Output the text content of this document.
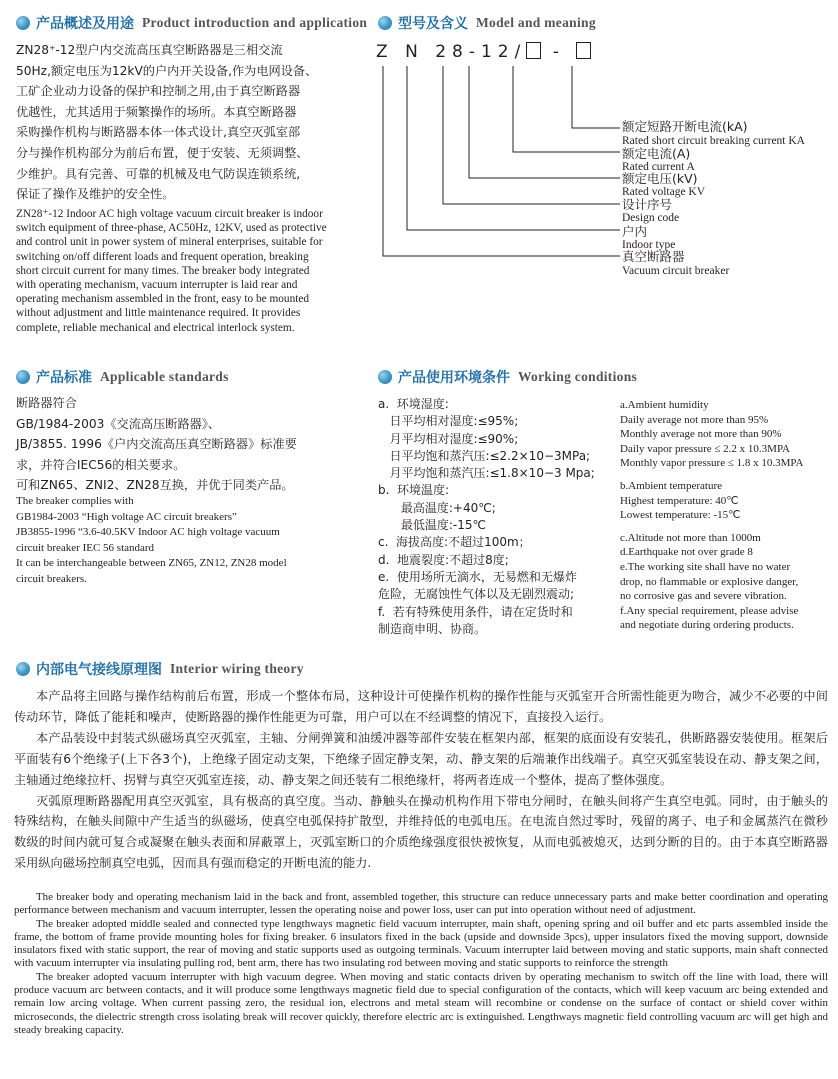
产品概述及用途 Product introduction and application

ZN28⁺-12型户内交流高压真空断路器是三相交流

50Hz,额定电压为12kV的户内开关设备,作为电网设备、

工矿企业动力设备的保护和控制之用,由于真空断路器

优越性，尤其适用于频繁操作的场所。本真空断路器

采购操作机构与断路器本体一体式设计,真空灭弧室部

分与操作机构部分为前后布置，便于安装、无须调整、

少维护。具有完善、可靠的机械及电气防误连锁系统,

保证了操作及维护的安全性。

ZN28⁺-12 Indoor AC high voltage vacuum circuit breaker is indoor

switch equipment of three-phase, AC50Hz, 12KV, used as protective

and control unit in power system of mineral enterprises, suitable for

switching on/off different loads and frequent operation, breaking

short circuit current for many times. The breaker body integrated

with operating mechanism, vacuum interrupter is laid rear and

operating mechanism assembled in the front, easy to be mounted

without adjustment and little maintenance required. It provides

complete, reliable mechanical and electrical interlock system.

型号及含义 Model and meaning
Z N 28-12/ -
额定短路开断电流(kA)
Rated short circuit breaking current KA
额定电流(A)
Rated current A
额定电压(kV)
Rated voltage KV
设计序号
Design code
户内
Indoor type
真空断路器
Vacuum circuit breaker
产品标准 Applicable standards

断路器符合

GB/1984-2003《交流高压断路器》、

JB/3855. 1996《户内交流高压真空断路器》标准要

求，并符合IEC56的相关要求。

可和ZN65、ZNI2、ZN28互换，并优于同类产品。

The breaker complies with

GB1984-2003 “High voltage AC circuit breakers”

JB3855-1996 “3.6-40.5KV Indoor AC high voltage vacuum

circuit breaker IEC 56 standard

It can be interchangeable between ZN65, ZN12, ZN28 model

circuit breakers.

产品使用环境条件 Working conditions
a.  环境湿度:
日平均相对湿度:≤95%;
月平均相对湿度:≤90%;
日平均饱和蒸汽压:≤2.2×10−3MPa;
月平均饱和蒸汽压:≤1.8×10−3 Mpa;
b.  环境温度:
最高温度:+40℃;
最低温度:-15℃
c.  海拔高度:不超过100m；
d.  地震裂度:不超过8度;
e.  使用场所无滴水，无易燃和无爆炸
危险，无腐蚀性气体以及无剧烈震动;
f.  若有特殊使用条件，请在定货时和
制造商申明、协商。

a.Ambient humidity

Daily average not more than 95%

Monthly average not more than 90%

Daily vapor pressure ≤ 2.2 x 10.3MPA

Monthly vapor pressure ≤ 1.8 x 10.3MPA

b.Ambient temperature

Highest temperature: 40℃

Lowest temperature: -15℃

c.Altitude not more than 1000m

d.Earthquake not over grade 8

e.The working site shall have no water

drop, no flammable or explosive danger,

no corrosive gas and severe vibration.

f.Any special requirement, please advise

and negotiate during ordering products.

内部电气接线原理图 Interior wiring theory

本产品将主回路与操作结构前后布置，形成一个整体布局，这种设计可使操作机构的操作性能与灭弧室开合所需性能更为吻合，减少不必要的中间传动环节，降低了能耗和噪声，使断路器的操作性能更为可靠，用户可以在不经调整的情况下，直接投入运行。

本产品装设中封装式纵磁场真空灭弧室，主轴、分闸弹簧和油缓冲器等部件安装在框架内部，框架的底面设有安装孔，供断路器安装使用。框架后平面装有6个绝缘子(上下各3个)，上绝缘子固定动支架，下绝缘子固定静支架，动、静支架的后端兼作出线端子。真空灭弧室装设在动、静支架之间，主轴通过绝缘拉杆、拐臂与真空灭弧室连接，动、静支架之间还装有二根绝缘杆，将两者连成一个整体，提高了整体强度。

灭弧原理断路器配用真空灭弧室，具有极高的真空度。当动、静触头在操动机构作用下带电分闸时，在触头间将产生真空电弧。同时，由于触头的特殊结构，在触头间隙中产生适当的纵磁场，使真空电弧保持扩散型，并维持低的电弧电压。在电流自然过零时，残留的离子、电子和金属蒸汽在微秒数级的时间内就可复合或凝聚在触头表面和屏蔽罩上，灭弧室断口的介质绝缘强度很快被恢复，从而电弧被熄灭，达到分断的目的。由于本真空断路器采用纵向磁场控制真空电弧，因而具有强而稳定的开断电流的能力.

The breaker body and operating mechanism laid in the back and front, assembled together, this structure can reduce unnecessary parts and make better coordination and operating performance between mechanism and vacuum interrupter, lessen the operating noise and power loss, user can put into operation without need of adjustment.

The breaker adopted middle sealed and connected type lengthways magnetic field vacuum interrupter, main shaft, opening spring and oil buffer and etc parts assembled inside the frame, the bottom of frame provide mounting holes for fixing breaker. 6 insulators fixed in the back (upside and downside 3pcs), upper insulators fixed the moving support, downside insulators fixed with static support, the rear of moving and static supports used as outgoing terminals. Vacuum interrupter laid between moving and static supports, main shaft connected with vacuum interrupter via insulating pulling rod, bent arm, there has two insulating rod between moving and static supports to reinforce the strength

The breaker adopted vacuum interrupter with high vacuum degree. When moving and static contacts driven by operating mechanism to switch off the line with load, there will produce vacuum arc between contacts, and it will produce some lengthways magnetic field due to special configuration of the contacts, which will keep vacuum arc being extended and remain low arcing voltage. When current passing zero, the residual ion, electrons and metal steam will recombine or condense on the surface of contact or shield cover within microseconds, the dielectric strength cross isolating break will recover quickly, therefore electric arc is extinguished. Lengthways magnetic field controlling vacuum arc will get high and steady breaking capacity.
